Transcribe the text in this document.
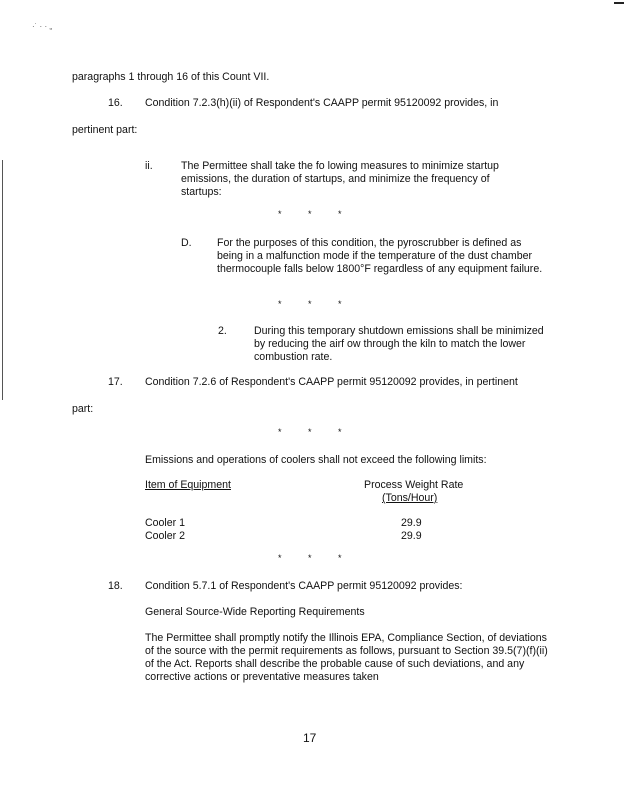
·˙ · · „
paragraphs 1 through 16 of this Count VII.
16. Condition 7.2.3(h)(ii) of Respondent's CAAPP permit 95120092 provides, in
pertinent part:
ii.	The Permittee shall take the fo lowing measures to minimize startup emissions, the duration of startups, and minimize the frequency of startups:
*	*	*
D. For the purposes of this condition, the pyroscrubber is defined as being in a malfunction mode if the temperature of the dust chamber thermocouple falls below 1800°F regardless of any equipment failure.
*	*	*
2.	During this temporary shutdown emissions shall be minimized by reducing the airf ow through the kiln to match the lower combustion rate.
17. Condition 7.2.6 of Respondent's CAAPP permit 95120092 provides, in pertinent
part:
*	*	*
Emissions and operations of coolers shall not exceed the following limits:
Item of Equipment	Process Weight Rate
(Tons/Hour)
Cooler 1	29.9
Cooler 2	29.9
*	*	*
18. Condition 5.7.1 of Respondent's CAAPP permit 95120092 provides:
General Source-Wide Reporting Requirements
The Permittee shall promptly notify the Illinois EPA, Compliance Section, of deviations of the source with the permit requirements as follows, pursuant to Section 39.5(7)(f)(ii) of the Act. Reports shall describe the probable cause of such deviations, and any corrective actions or preventative measures taken
17
